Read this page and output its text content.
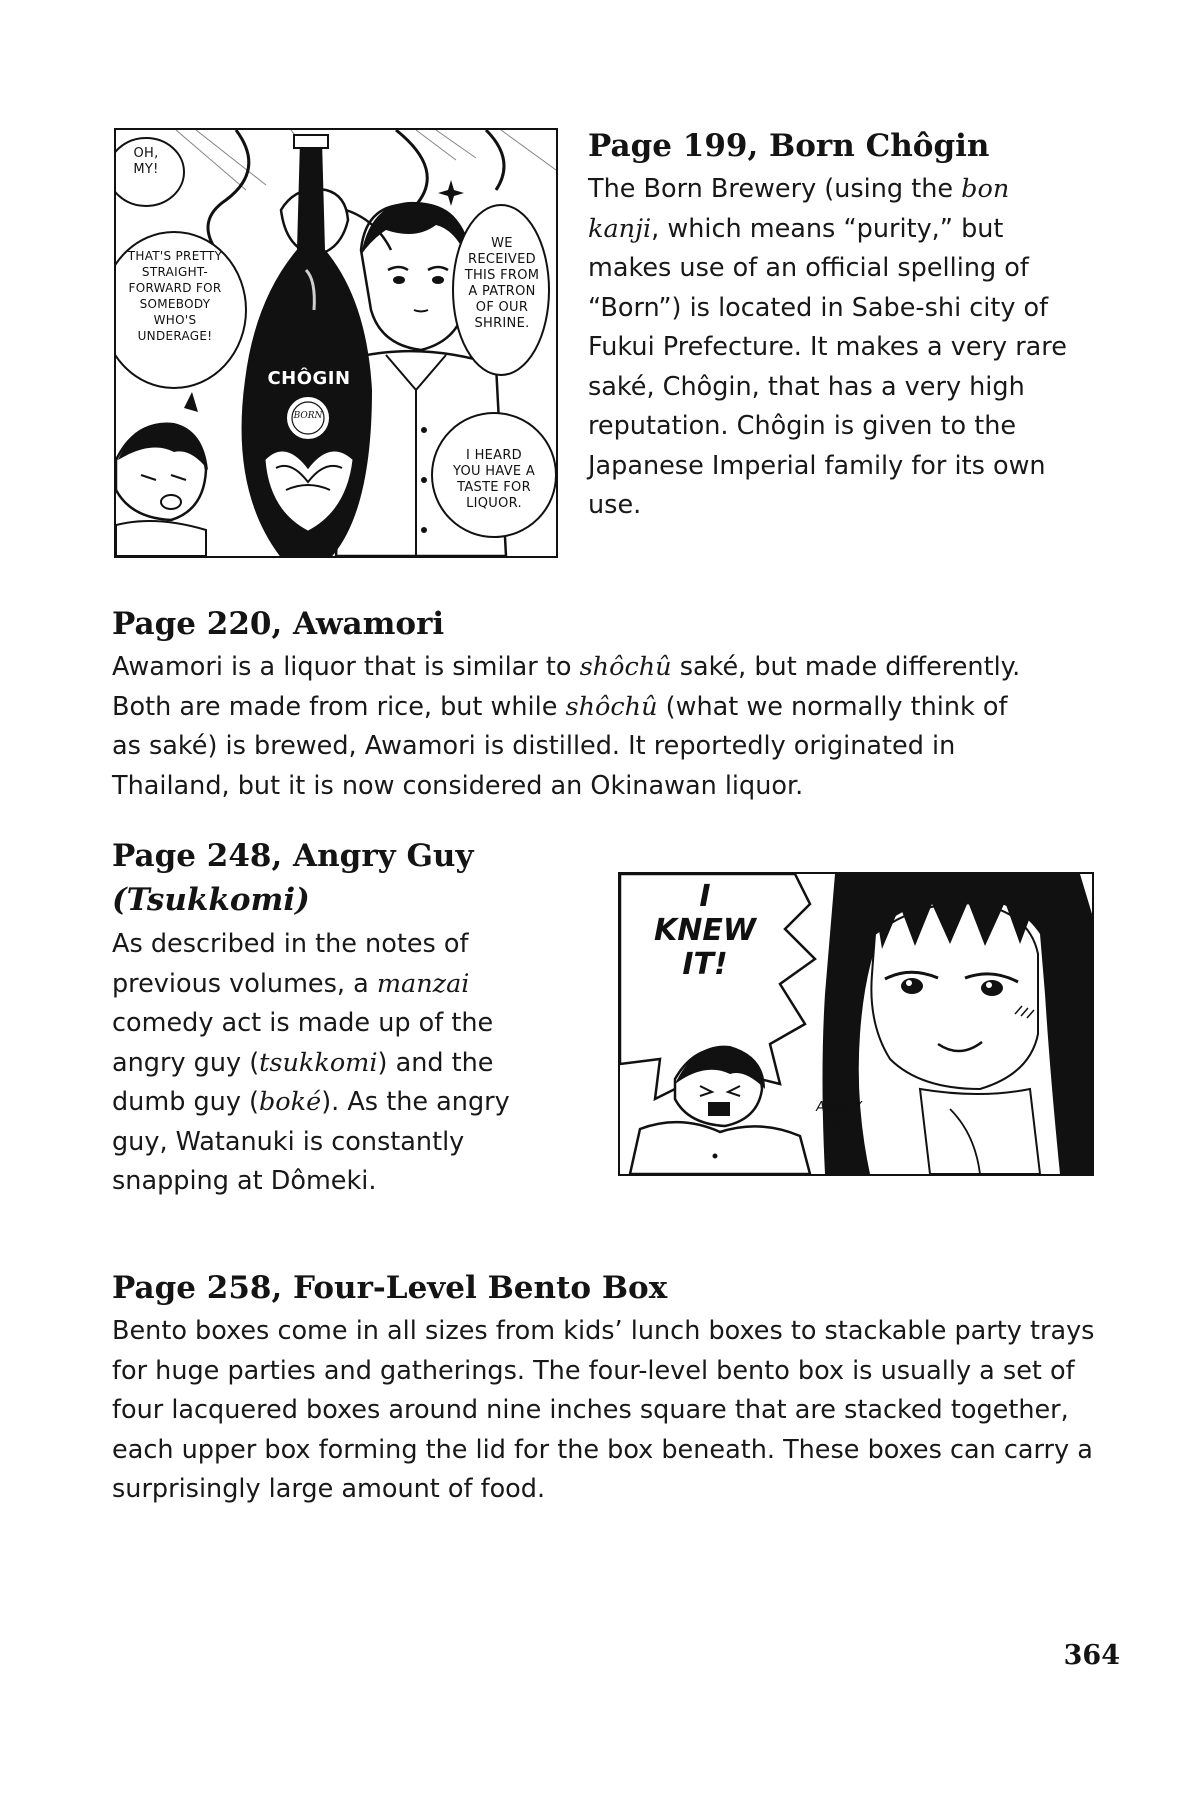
OH,
MY!
THAT'S PRETTY
STRAIGHT-
FORWARD FOR
SOMEBODY
WHO'S
UNDERAGE!
WE
RECEIVED
THIS FROM
A PATRON
OF OUR
SHRINE.
I HEARD
YOU HAVE A
TASTE FOR
LIQUOR.
CHÔGIN
BORN
Page 199, Born Chôgin

The Born Brewery (using the bon kanji, which means “purity,” but makes use of an official spelling of “Born”) is located in Sabe-shi city of Fukui Prefecture. It makes a very rare saké, Chôgin, that has a very high reputation. Chôgin is given to the Japanese Imperial family for its own use.

Page 220, Awamori

Awamori is a liquor that is similar to shôchû saké, but made differently. Both are made from rice, but while shôchû (what we normally think of as saké) is brewed, Awamori is distilled. It reportedly originated in Thailand, but it is now considered an Okinawan liquor.

Page 248, Angry Guy
(Tsukkomi)

As described in the notes of previous volumes, a manzai comedy act is made up of the angry guy (tsukkomi) and the dumb guy (boké). As the angry guy, Watanuki is constantly snapping at Dômeki.

I
KNEW
IT!
ANGRY
GUY
Page 258, Four-Level Bento Box

Bento boxes come in all sizes from kids’ lunch boxes to stackable party trays for huge parties and gatherings. The four-level bento box is usually a set of four lacquered boxes around nine inches square that are stacked together, each upper box forming the lid for the box beneath. These boxes can carry a surprisingly large amount of food.

364
